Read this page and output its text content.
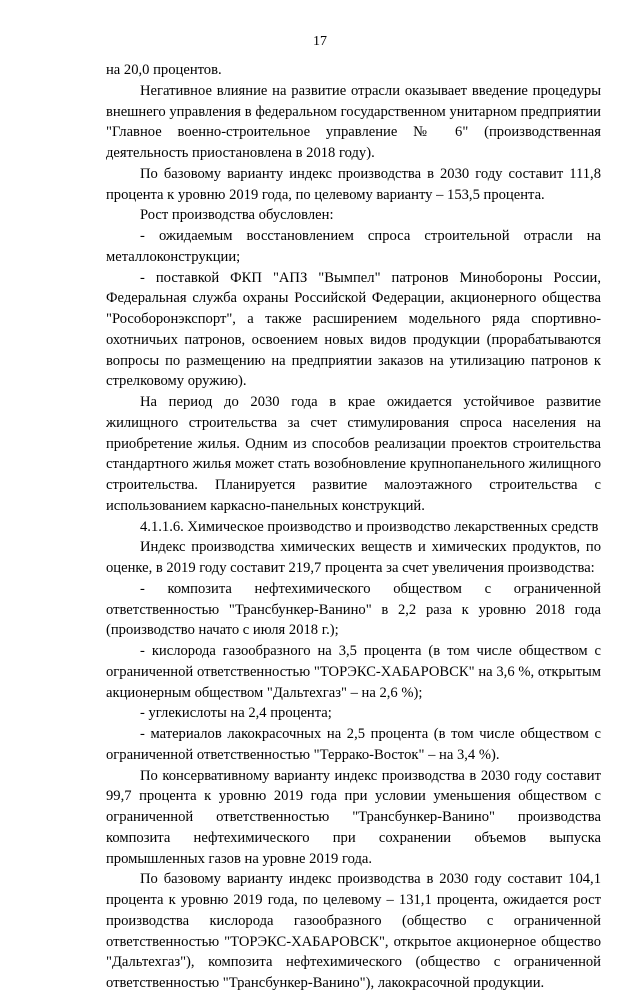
17

на 20,0 процентов.

Негативное влияние на развитие отрасли оказывает введение процедуры внешнего управления в федеральном государственном унитарном предприятии "Главное военно-строительное управление № 6" (производственная деятельность приостановлена в 2018 году).

По базовому варианту индекс производства в 2030 году составит 111,8 процента к уровню 2019 года, по целевому варианту – 153,5 процента.

Рост производства обусловлен:

- ожидаемым восстановлением спроса строительной отрасли на металлоконструкции;

- поставкой ФКП "АПЗ "Вымпел" патронов Минобороны России, Федеральная служба охраны Российской Федерации, акционерного общества "Рособоронэкспорт", а также расширением модельного ряда спортивно-охотничьих патронов, освоением новых видов продукции (прорабатываются вопросы по размещению на предприятии заказов на утилизацию патронов к стрелковому оружию).

На период до 2030 года в крае ожидается устойчивое развитие жилищного строительства за счет стимулирования спроса населения на приобретение жилья. Одним из способов реализации проектов строительства стандартного жилья может стать возобновление крупнопанельного жилищного строительства. Планируется развитие малоэтажного строительства с использованием каркасно-панельных конструкций.

4.1.1.6. Химическое производство и производство лекарственных средств

Индекс производства химических веществ и химических продуктов, по оценке, в 2019 году составит 219,7 процента за счет увеличения производства:

- композита нефтехимического обществом с ограниченной ответственностью "Трансбункер-Ванино" в 2,2 раза к уровню 2018 года (производство начато с июля 2018 г.);

- кислорода газообразного на 3,5 процента (в том числе обществом с ограниченной ответственностью "ТОРЭКС-ХАБАРОВСК" на 3,6 %, открытым акционерным обществом "Дальтехгаз" – на 2,6 %);

- углекислоты на 2,4 процента;

- материалов лакокрасочных на 2,5 процента (в том числе обществом с ограниченной ответственностью "Террако-Восток" – на 3,4 %).

По консервативному варианту индекс производства в 2030 году составит 99,7 процента к уровню 2019 года при условии уменьшения обществом с ограниченной ответственностью "Трансбункер-Ванино" производства композита нефтехимического при сохранении объемов выпуска промышленных газов на уровне 2019 года.

По базовому варианту индекс производства в 2030 году составит 104,1 процента к уровню 2019 года, по целевому – 131,1 процента, ожидается рост производства кислорода газообразного (общество с ограниченной ответственностью "ТОРЭКС-ХАБАРОВСК", открытое акционерное общество "Дальтехгаз"), композита нефтехимического (общество с ограниченной ответственностью "Трансбункер-Ванино"), лакокрасочной продукции.
